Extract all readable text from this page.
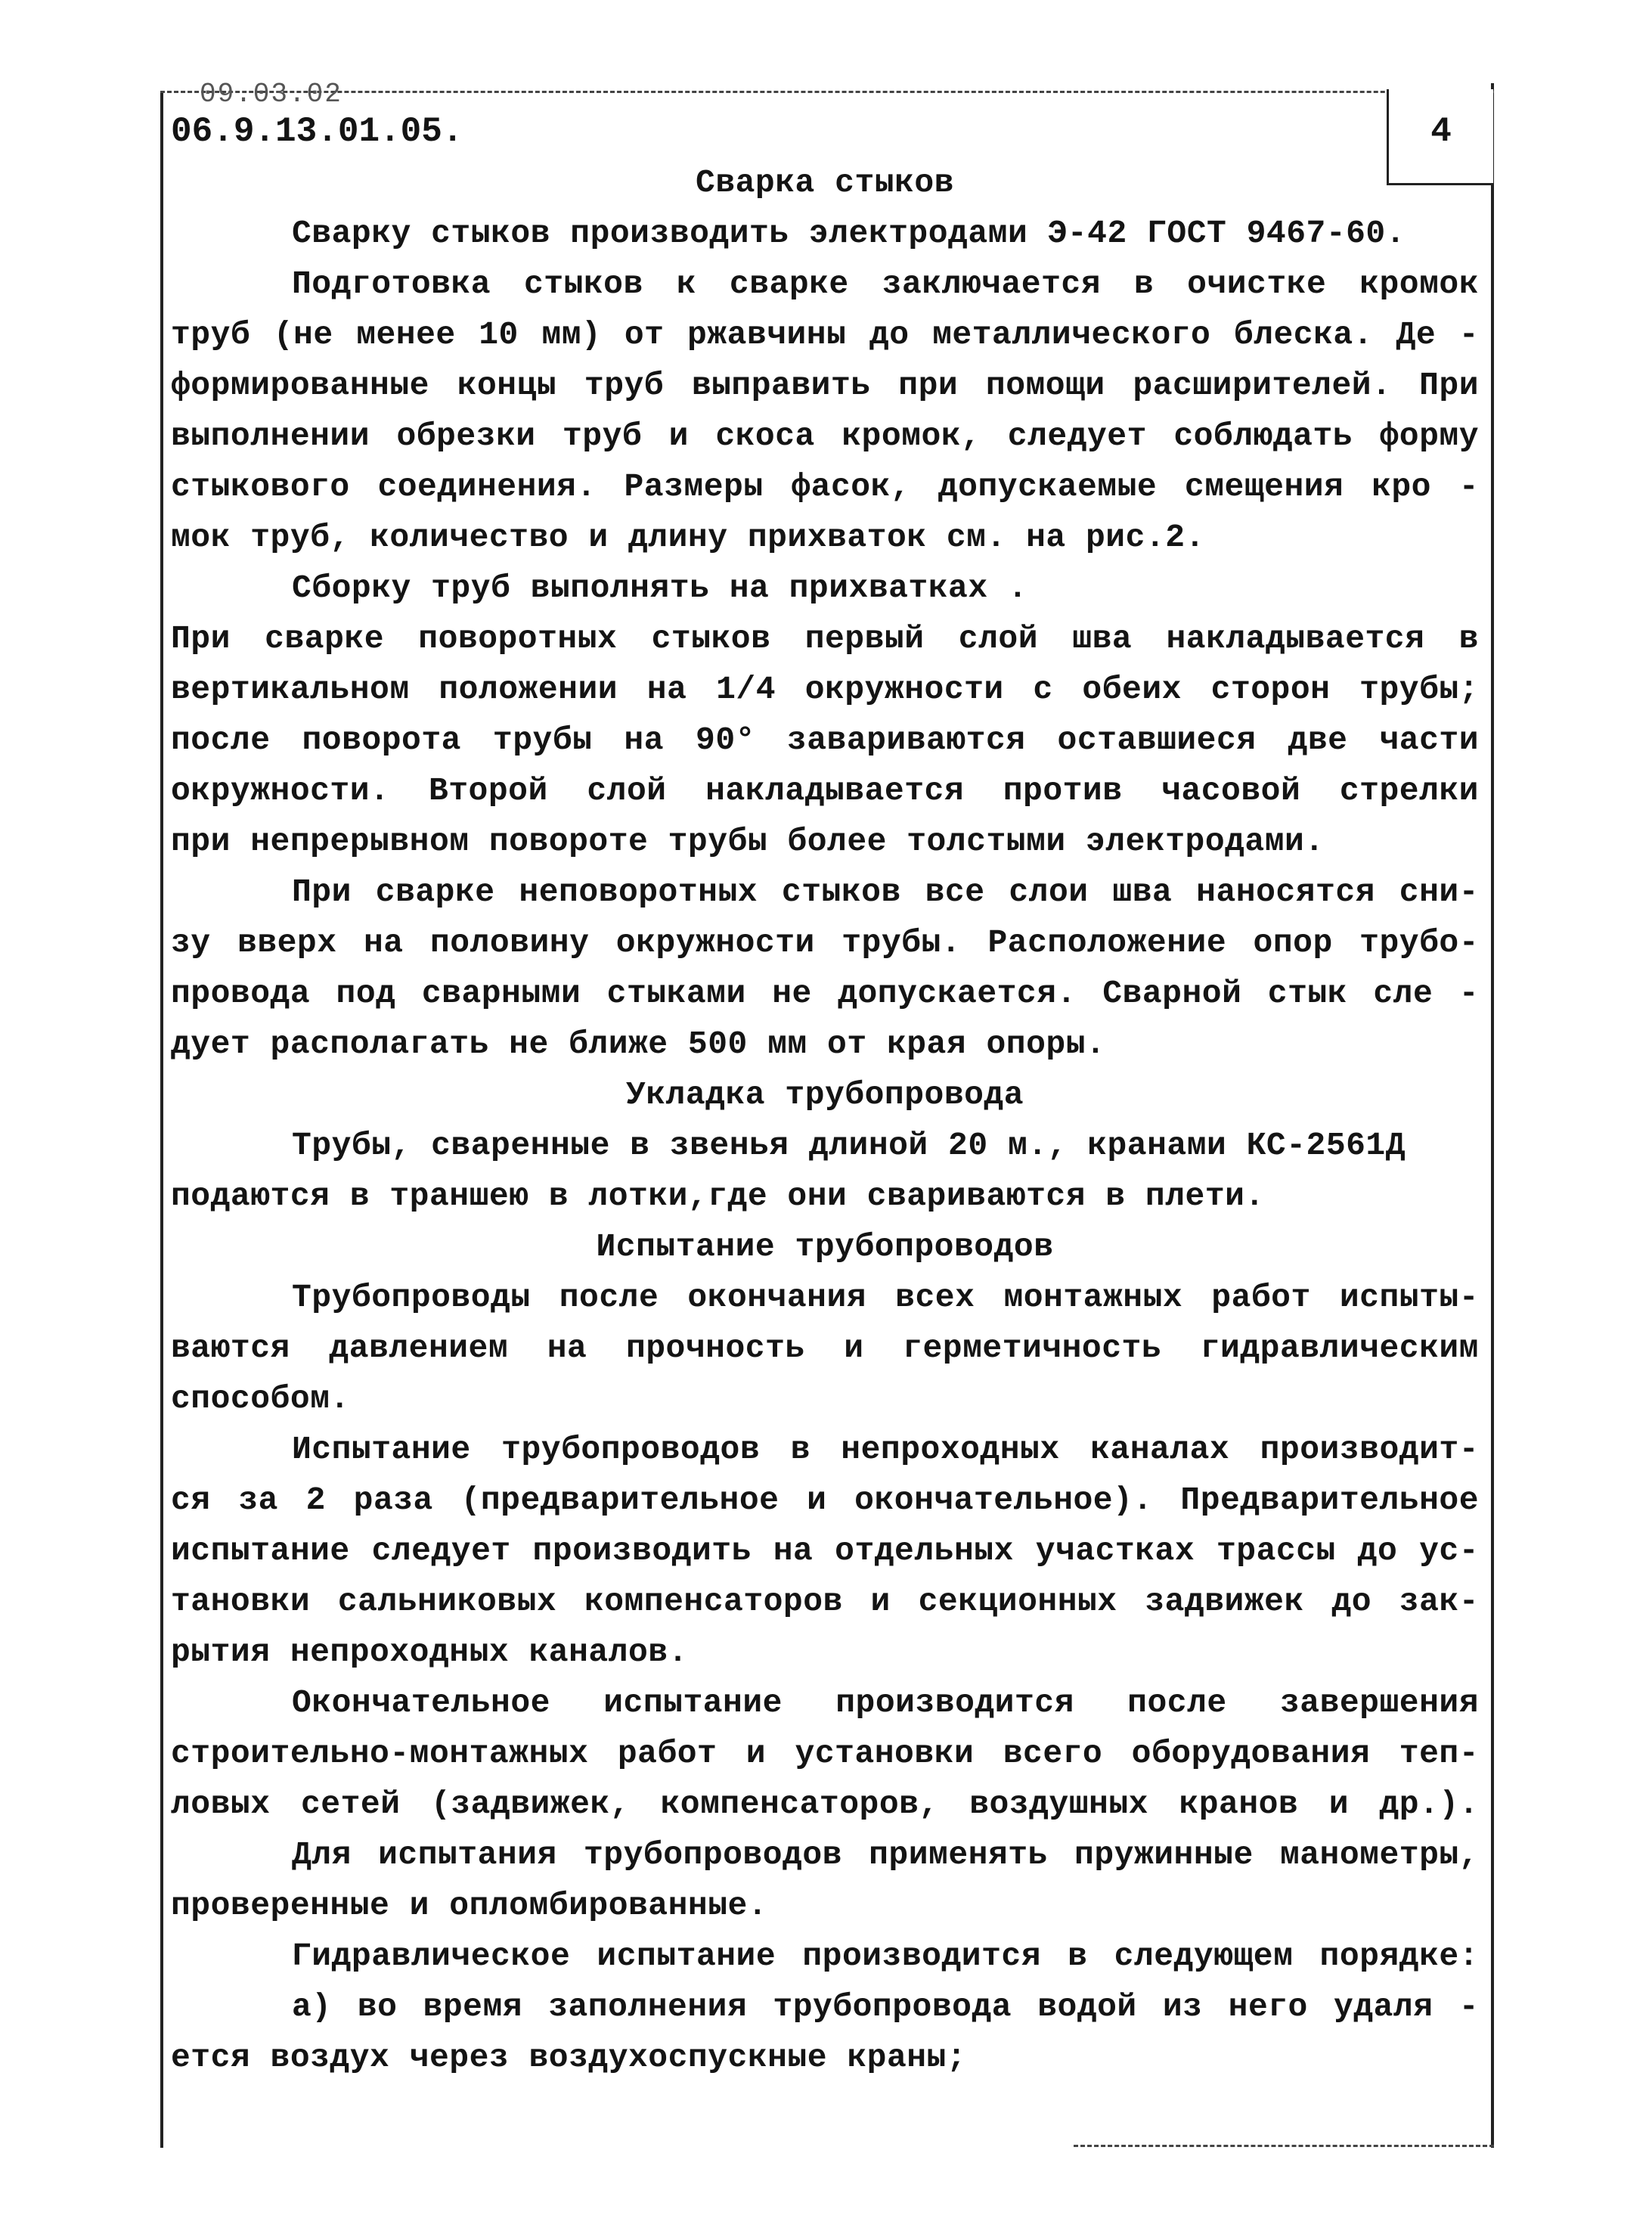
09.03.02
06.9.13.01.05.	4
Сварка стыков
Сварку стыков производить электродами Э-42 ГОСТ 9467-60.
Подготовка стыков к сварке заключается в очистке кромок
труб (не менее 10 мм) от ржавчины до металлического блеска. Де -
формированные концы труб выправить при помощи расширителей. При
выполнении обрезки труб и скоса кромок, следует соблюдать форму
стыкового соединения. Размеры фасок, допускаемые смещения кро -
мок труб, количество и длину прихваток см. на рис.2.
Сборку труб выполнять на прихватках .
При сварке поворотных стыков первый слой шва накладывается в
вертикальном положении на 1/4 окружности с обеих сторон трубы;
после поворота трубы на 90° завариваются оставшиеся две части
окружности. Второй слой накладывается против часовой стрелки
при непрерывном повороте трубы более толстыми электродами.
При сварке неповоротных стыков все слои шва наносятся сни-
зу вверх на половину окружности трубы. Расположение опор трубо-
провода под сварными стыками не допускается. Сварной стык сле -
дует располагать не ближе 500 мм от края опоры.
Укладка трубопровода
Трубы, сваренные в звенья длиной 20 м., кранами КС-2561Д
подаются в траншею в лотки,где они свариваются в плети.
Испытание трубопроводов
Трубопроводы после окончания всех монтажных работ испыты-
ваются давлением на прочность и герметичность гидравлическим
способом.
Испытание трубопроводов в непроходных каналах производит-
ся за 2 раза (предварительное и окончательное). Предварительное
испытание следует производить на отдельных участках трассы до ус-
тановки сальниковых компенсаторов и секционных задвижек до зак-
рытия непроходных каналов.
Окончательное испытание производится после завершения
строительно-монтажных работ и установки всего оборудования теп-
ловых сетей (задвижек, компенсаторов, воздушных кранов и др.).
Для испытания трубопроводов применять пружинные манометры,
проверенные и опломбированные.
Гидравлическое испытание производится в следующем порядке:
а) во время заполнения трубопровода водой из него удаля -
ется воздух через воздухоспускные краны;
